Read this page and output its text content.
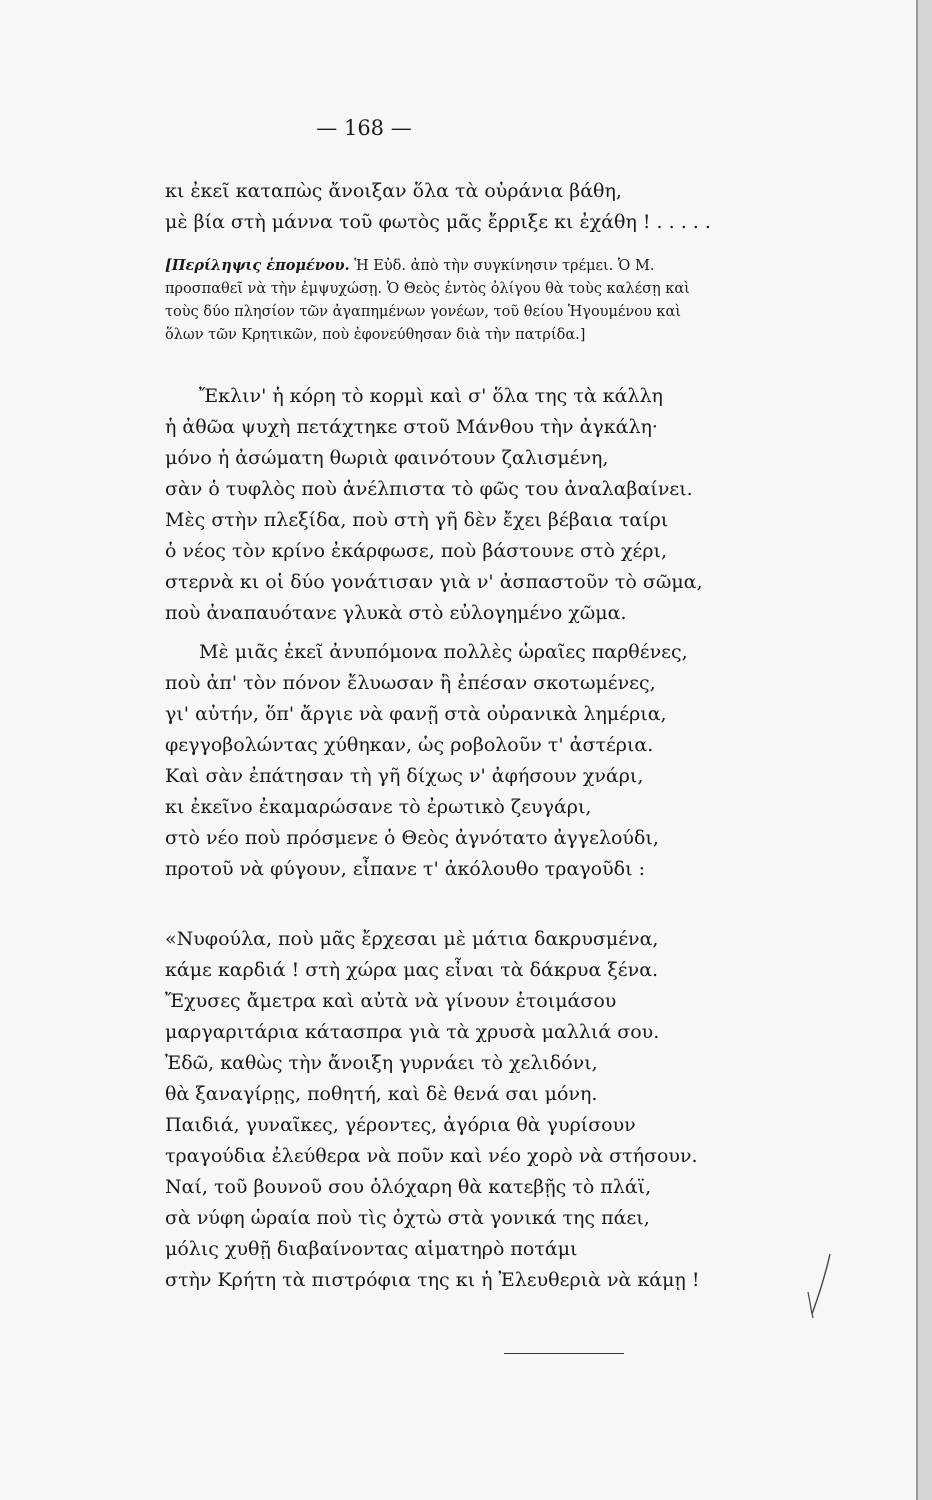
— 168 —
κι ἐκεῖ καταπὼς ἄνοιξαν ὅλα τὰ οὐράνια βάθη,
μὲ βία στὴ μάννα τοῦ φωτὸς μᾶς ἔρριξε κι ἐχάθη ! . . . . .
[Περίληψις ἑπομένου. Ἡ Εὐδ. ἀπὸ τὴν συγκίνησιν τρέμει. Ὁ Μ.
προσπαθεῖ νὰ τὴν ἐμψυχώσῃ. Ὁ Θεὸς ἐντὸς ὀλίγου θὰ τοὺς καλέσῃ καὶ
τοὺς δύο πλησίον τῶν ἀγαπημένων γονέων, τοῦ θείου Ἡγουμένου καὶ
ὅλων τῶν Κρητικῶν, ποὺ ἐφονεύθησαν διὰ τὴν πατρίδα.]
Ἔκλιν' ἡ κόρη τὸ κορμὶ καὶ σ' ὅλα της τὰ κάλλη
ἡ ἀθῶα ψυχὴ πετάχτηκε στοῦ Μάνθου τὴν ἀγκάλη·
μόνο ἡ ἀσώματη θωριὰ φαινότουν ζαλισμένη,
σὰν ὁ τυφλὸς ποὺ ἀνέλπιστα τὸ φῶς του ἀναλαβαίνει.
Μὲς στὴν πλεξίδα, ποὺ στὴ γῆ δὲν ἔχει βέβαια ταίρι
ὁ νέος τὸν κρίνο ἐκάρφωσε, ποὺ βάστουνε στὸ χέρι,
στερνὰ κι οἱ δύο γονάτισαν γιὰ ν' ἀσπαστοῦν τὸ σῶμα,
ποὺ ἀναπαυότανε γλυκὰ στὸ εὐλογημένο χῶμα.
Μὲ μιᾶς ἐκεῖ ἀνυπόμονα πολλὲς ὡραῖες παρθένες,
ποὺ ἀπ' τὸν πόνον ἔλυωσαν ἢ ἐπέσαν σκοτωμένες,
γι' αὐτήν, ὅπ' ἄργιε νὰ φανῇ στὰ οὐρανικὰ λημέρια,
φεγγοβολώντας χύθηκαν, ὡς ροβολοῦν τ' ἀστέρια.
Καὶ σὰν ἐπάτησαν τὴ γῆ δίχως ν' ἀφήσουν χνάρι,
κι ἐκεῖνο ἐκαμαρώσανε τὸ ἐρωτικὸ ζευγάρι,
στὸ νέο ποὺ πρόσμενε ὁ Θεὸς ἀγνότατο ἀγγελούδι,
προτοῦ νὰ φύγουν, εἶπανε τ' ἀκόλουθο τραγοῦδι :
«Νυφούλα, ποὺ μᾶς ἔρχεσαι μὲ μάτια δακρυσμένα,
κάμε καρδιά ! στὴ χώρα μας εἶναι τὰ δάκρυα ξένα.
Ἔχυσες ἄμετρα καὶ αὐτὰ νὰ γίνουν ἑτοιμάσου
μαργαριτάρια κάτασπρα γιὰ τὰ χρυσὰ μαλλιά σου.
Ἐδῶ, καθὼς τὴν ἄνοιξη γυρνάει τὸ χελιδόνι,
θὰ ξαναγίρῃς, ποθητή, καὶ δὲ θενά σαι μόνη.
Παιδιά, γυναῖκες, γέροντες, ἀγόρια θὰ γυρίσουν
τραγούδια ἐλεύθερα νὰ ποῦν καὶ νέο χορὸ νὰ στήσουν.
Ναί, τοῦ βουνοῦ σου ὁλόχαρη θὰ κατεβῇς τὸ πλάϊ,
σὰ νύφη ὡραία ποὺ τὶς ὀχτὼ στὰ γονικά της πάει,
μόλις χυθῇ διαβαίνοντας αἱματηρὸ ποτάμι
στὴν Κρήτη τὰ πιστρόφια της κι ἡ Ἐλευθεριὰ νὰ κάμῃ !
